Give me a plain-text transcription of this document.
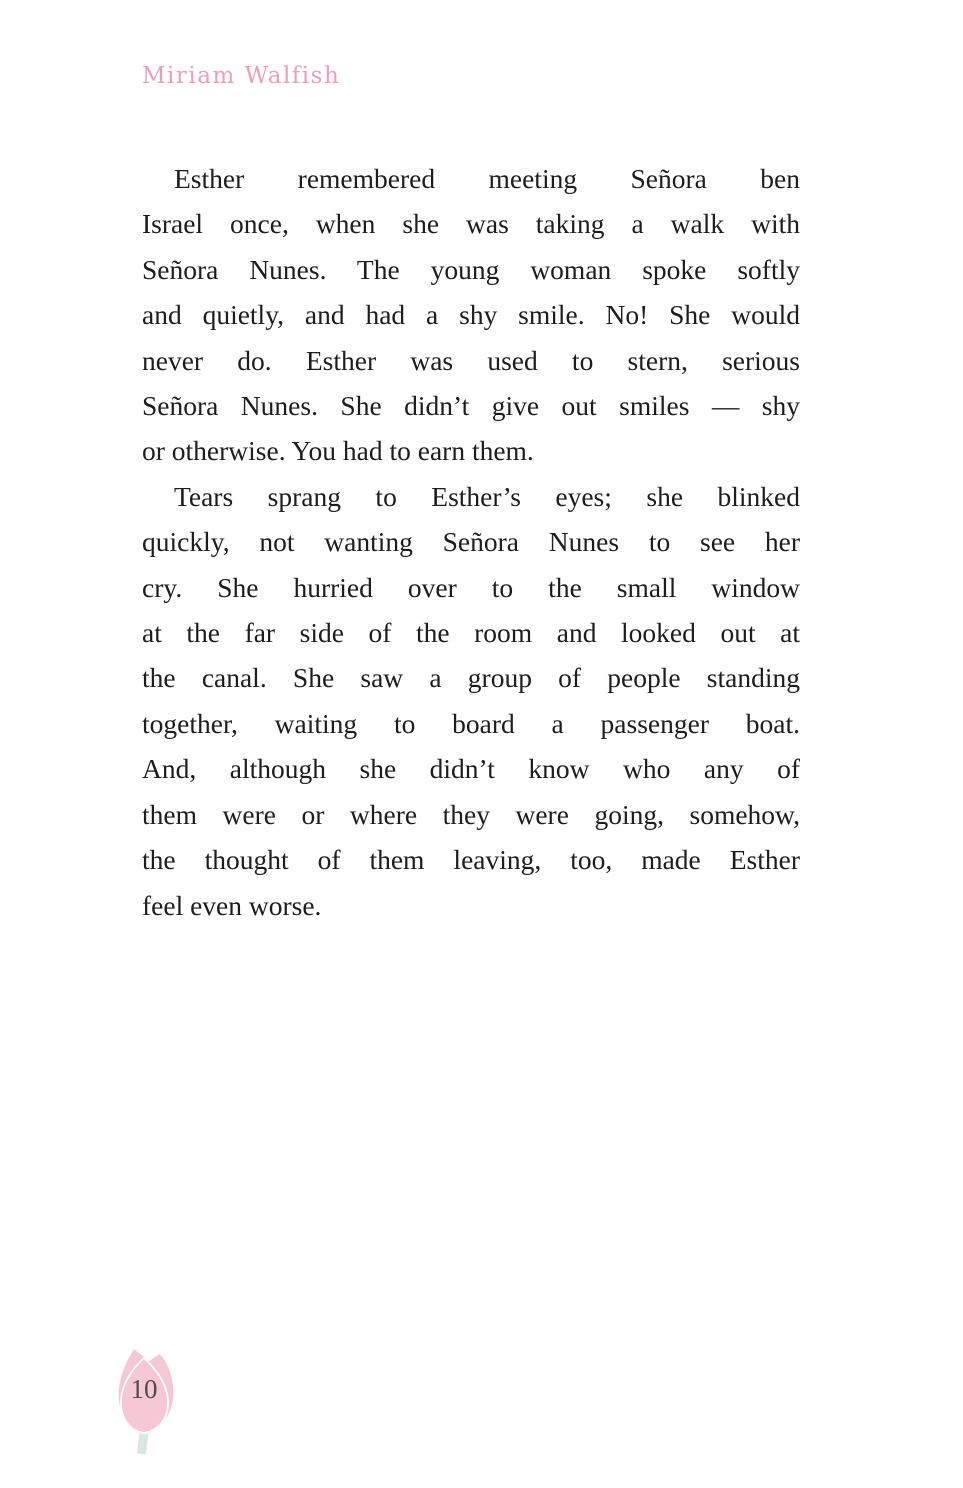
Miriam Walfish
Esther remembered meeting Señora ben
Israel once, when she was taking a walk with
Señora Nunes. The young woman spoke softly
and quietly, and had a shy smile. No! She would
never do. Esther was used to stern, serious
Señora Nunes. She didn’t give out smiles — shy
or otherwise. You had to earn them.
Tears sprang to Esther’s eyes; she blinked
quickly, not wanting Señora Nunes to see her
cry. She hurried over to the small window
at the far side of the room and looked out at
the canal. She saw a group of people standing
together, waiting to board a passenger boat.
And, although she didn’t know who any of
them were or where they were going, somehow,
the thought of them leaving, too, made Esther
feel even worse.
10
